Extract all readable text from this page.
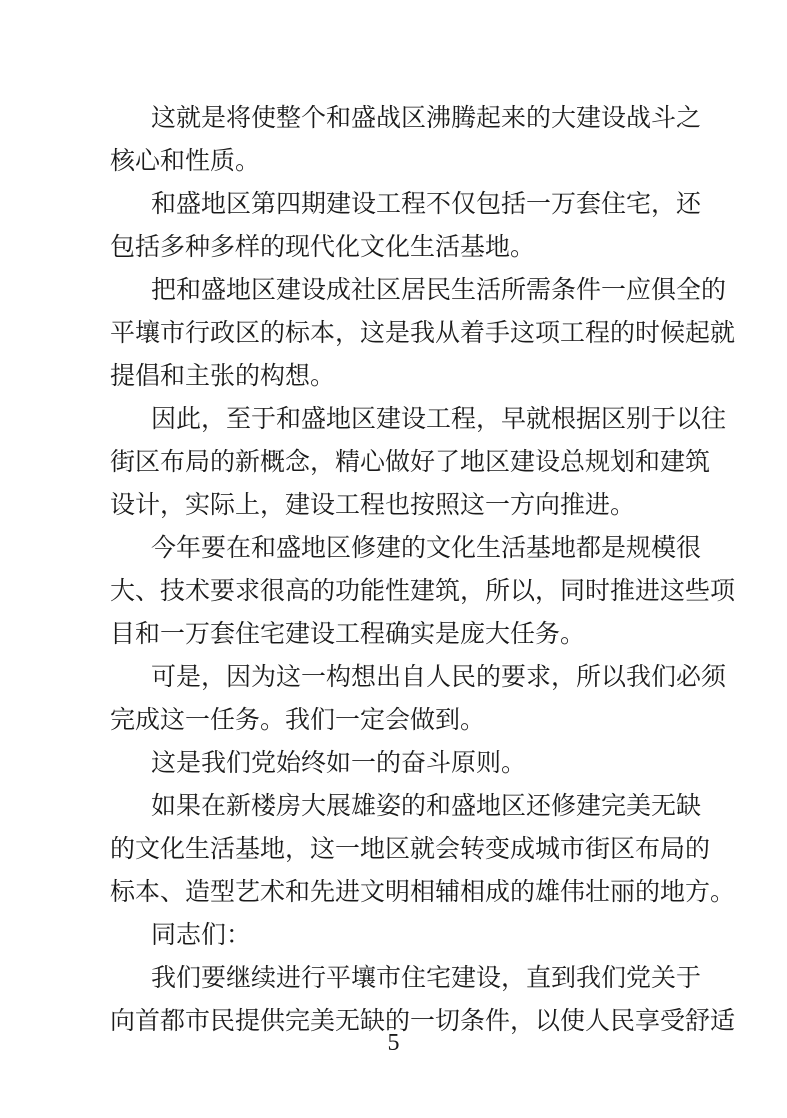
这就是将使整个和盛战区沸腾起来的大建设战斗之
核心和性质。
和盛地区第四期建设工程不仅包括一万套住宅，还
包括多种多样的现代化文化生活基地。
把和盛地区建设成社区居民生活所需条件一应俱全的
平壤市行政区的标本，这是我从着手这项工程的时候起就
提倡和主张的构想。
因此，至于和盛地区建设工程，早就根据区别于以往
街区布局的新概念，精心做好了地区建设总规划和建筑
设计，实际上，建设工程也按照这一方向推进。
今年要在和盛地区修建的文化生活基地都是规模很
大、技术要求很高的功能性建筑，所以，同时推进这些项
目和一万套住宅建设工程确实是庞大任务。
可是，因为这一构想出自人民的要求，所以我们必须
完成这一任务。我们一定会做到。
这是我们党始终如一的奋斗原则。
如果在新楼房大展雄姿的和盛地区还修建完美无缺
的文化生活基地，这一地区就会转变成城市街区布局的
标本、造型艺术和先进文明相辅相成的雄伟壮丽的地方。
同志们：
我们要继续进行平壤市住宅建设，直到我们党关于
向首都市民提供完美无缺的一切条件，以使人民享受舒适
5
